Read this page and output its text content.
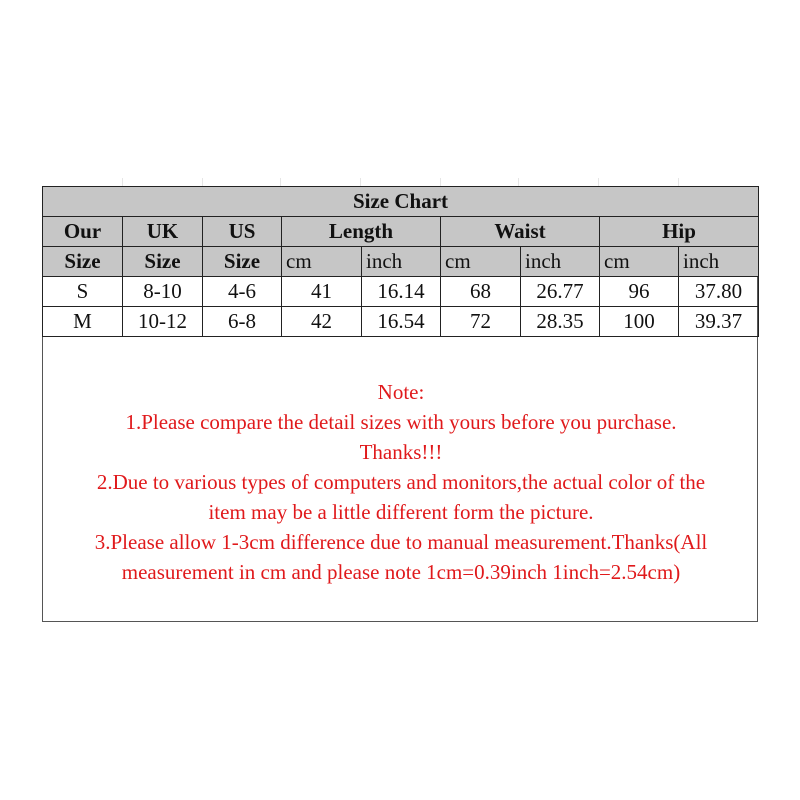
Size Chart								
Our	UK	US	Length		Waist		Hip	
Size	Size	Size	cm	inch	cm	inch	cm	inch
S	8-10	4-6	41	16.14	68	26.77	96	37.80
M	10-12	6-8	42	16.54	72	28.35	100	39.37
Note:
1.Please compare the detail sizes with yours before you purchase.
Thanks!!!
2.Due to various types of computers and monitors,the actual color of the
item may be a little different form the picture.
3.Please allow 1-3cm difference due to manual measurement.Thanks(All
measurement in cm and please note 1cm=0.39inch 1inch=2.54cm)
